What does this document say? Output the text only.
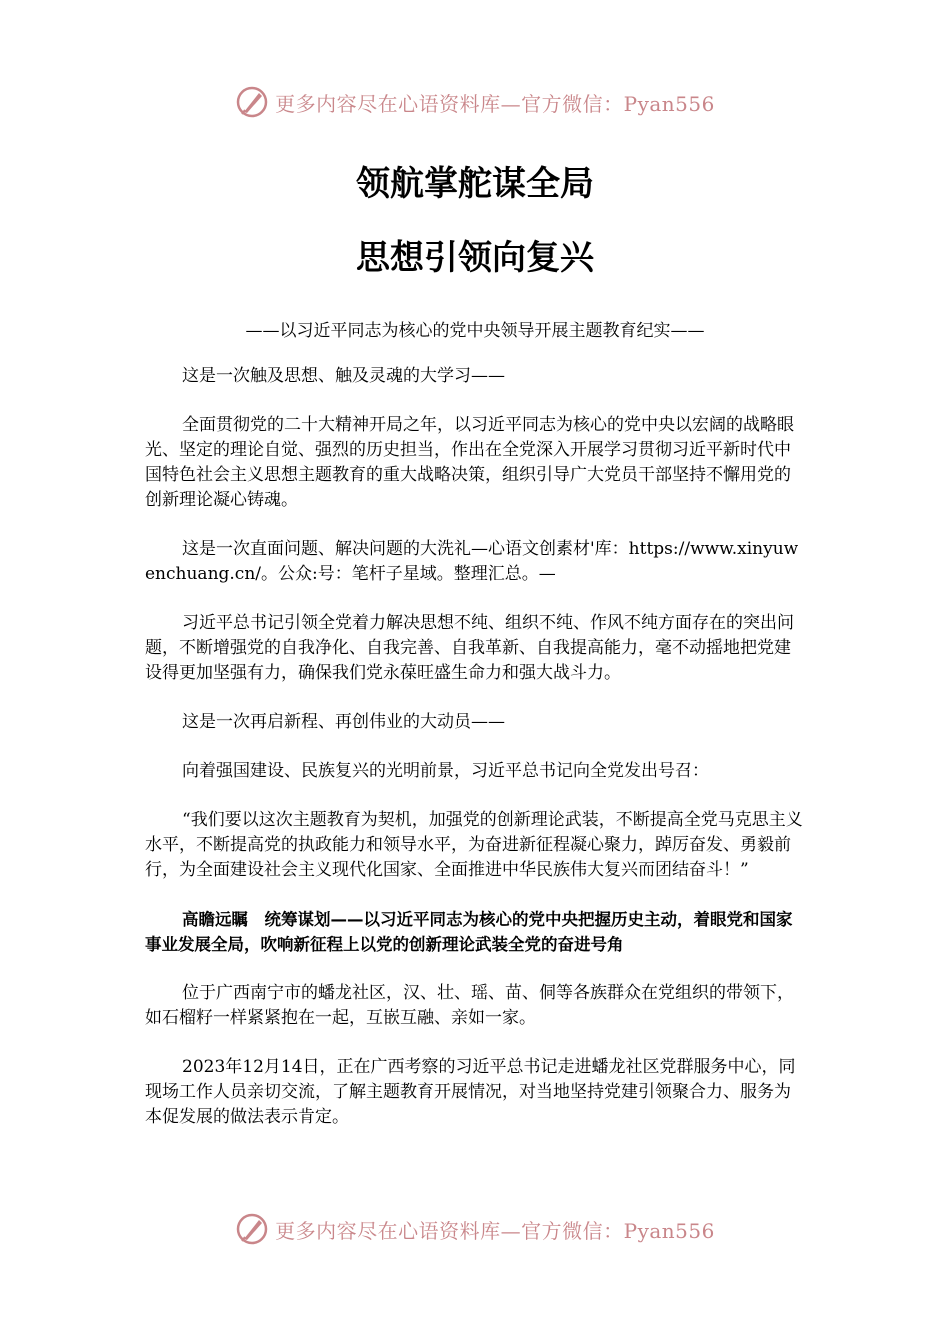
更多内容尽在心语资料库—官方微信：Pyan556
领航掌舵谋全局
思想引领向复兴
——以习近平同志为核心的党中央领导开展主题教育纪实——

这是一次触及思想、触及灵魂的大学习——

全面贯彻党的二十大精神开局之年，以习近平同志为核心的党中央以宏阔的战略眼光、坚定的理论自觉、强烈的历史担当，作出在全党深入开展学习贯彻习近平新时代中国特色社会主义思想主题教育的重大战略决策，组织引导广大党员干部坚持不懈用党的创新理论凝心铸魂。

这是一次直面问题、解决问题的大洗礼—心语文创素材'库：https://www.xinyuwenchuang.cn/。公众:号：笔杆子星域。整理汇总。—

习近平总书记引领全党着力解决思想不纯、组织不纯、作风不纯方面存在的突出问题，不断增强党的自我净化、自我完善、自我革新、自我提高能力，毫不动摇地把党建设得更加坚强有力，确保我们党永葆旺盛生命力和强大战斗力。

这是一次再启新程、再创伟业的大动员——

向着强国建设、民族复兴的光明前景，习近平总书记向全党发出号召：

“我们要以这次主题教育为契机，加强党的创新理论武装，不断提高全党马克思主义水平，不断提高党的执政能力和领导水平，为奋进新征程凝心聚力，踔厉奋发、勇毅前行，为全面建设社会主义现代化国家、全面推进中华民族伟大复兴而团结奋斗！”

高瞻远瞩　统筹谋划——以习近平同志为核心的党中央把握历史主动，着眼党和国家事业发展全局，吹响新征程上以党的创新理论武装全党的奋进号角

位于广西南宁市的蟠龙社区，汉、壮、瑶、苗、侗等各族群众在党组织的带领下，如石榴籽一样紧紧抱在一起，互嵌互融、亲如一家。

2023年12月14日，正在广西考察的习近平总书记走进蟠龙社区党群服务中心，同现场工作人员亲切交流，了解主题教育开展情况，对当地坚持党建引领聚合力、服务为本促发展的做法表示肯定。

更多内容尽在心语资料库—官方微信：Pyan556
